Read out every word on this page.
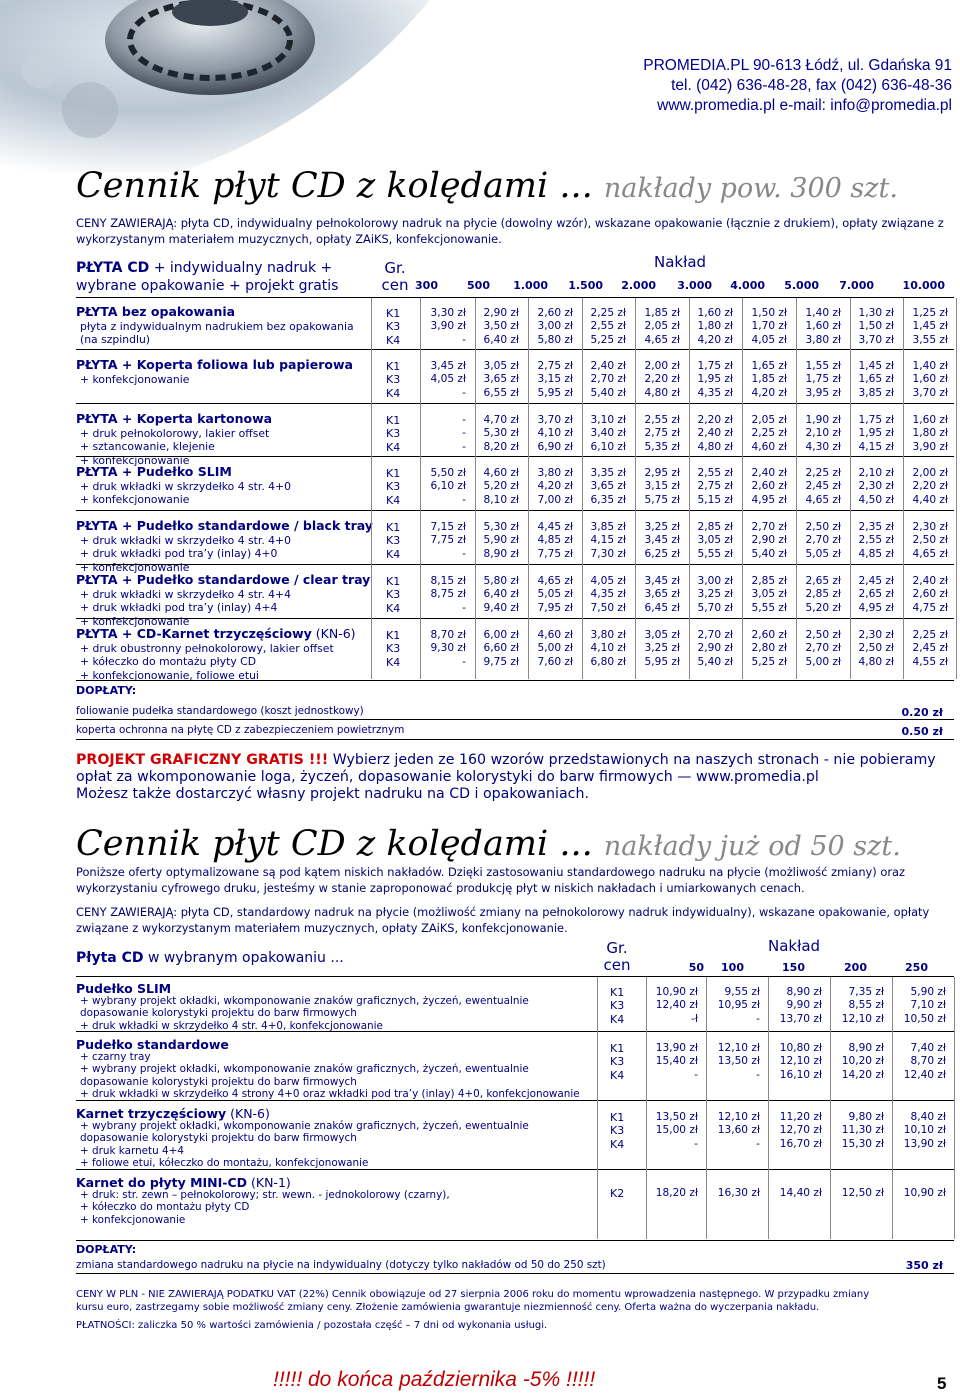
PROMEDIA.PL 90-613 Łódź, ul. Gdańska 91
tel. (042) 636-48-28, fax (042) 636-48-36
www.promedia.pl e-mail: info@promedia.pl
Cennik płyt CD z kolędami ... nakłady pow. 300 szt.
CENY ZAWIERAJĄ: płyta CD, indywidualny pełnokolorowy nadruk na płycie (dowolny wzór), wskazane opakowanie (łącznie z drukiem), opłaty związane z wykorzystanym materiałem muzycznych, opłaty ZAiKS, konfekcjonowanie.
PŁYTA CD + indywidualny nadruk +
wybrane opakowanie + projekt gratis
Gr.
cen
Nakład
300	500	1.000	1.500	2.000	3.000	4.000	5.000	7.000	10.000
PŁYTA bez opakowania
płyta z indywidualnym nadrukiem bez opakowania
(na szpindlu)
K1	3,30 zł	2,90 zł	2,60 zł	2,25 zł	1,85 zł	1,60 zł	1,50 zł	1,40 zł	1,30 zł	1,25 zł
K3	3,90 zł	3,50 zł	3,00 zł	2,55 zł	2,05 zł	1,80 zł	1,70 zł	1,60 zł	1,50 zł	1,45 zł
K4	-	6,40 zł	5,80 zł	5,25 zł	4,65 zł	4,20 zł	4,05 zł	3,80 zł	3,70 zł	3,55 zł
PŁYTA + Koperta foliowa lub papierowa
+ konfekcjonowanie
K1	3,45 zł	3,05 zł	2,75 zł	2,40 zł	2,00 zł	1,75 zł	1,65 zł	1,55 zł	1,45 zł	1,40 zł
K3	4,05 zł	3,65 zł	3,15 zł	2,70 zł	2,20 zł	1,95 zł	1,85 zł	1,75 zł	1,65 zł	1,60 zł
K4	-	6,55 zł	5,95 zł	5,40 zł	4,80 zł	4,35 zł	4,20 zł	3,95 zł	3,85 zł	3,70 zł
PŁYTA + Koperta kartonowa
+ druk pełnokolorowy, lakier offset
+ sztancowanie, klejenie
+ konfekcjonowanie
K1	-	4,70 zł	3,70 zł	3,10 zł	2,55 zł	2,20 zł	2,05 zł	1,90 zł	1,75 zł	1,60 zł
K3	-	5,30 zł	4,10 zł	3,40 zł	2,75 zł	2,40 zł	2,25 zł	2,10 zł	1,95 zł	1,80 zł
K4	-	8,20 zł	6,90 zł	6,10 zł	5,35 zł	4,80 zł	4,60 zł	4,30 zł	4,15 zł	3,90 zł
PŁYTA + Pudełko SLIM
+ druk wkładki w skrzydełko 4 str. 4+0
+ konfekcjonowanie
K1	5,50 zł	4,60 zł	3,80 zł	3,35 zł	2,95 zł	2,55 zł	2,40 zł	2,25 zł	2,10 zł	2,00 zł
K3	6,10 zł	5,20 zł	4,20 zł	3,65 zł	3,15 zł	2,75 zł	2,60 zł	2,45 zł	2,30 zł	2,20 zł
K4	-	8,10 zł	7,00 zł	6,35 zł	5,75 zł	5,15 zł	4,95 zł	4,65 zł	4,50 zł	4,40 zł
PŁYTA + Pudełko standardowe / black tray
+ druk wkładki w skrzydełko 4 str. 4+0
+ druk wkładki pod tra’y (inlay) 4+0
+ konfekcjonowanie
K1	7,15 zł	5,30 zł	4,45 zł	3,85 zł	3,25 zł	2,85 zł	2,70 zł	2,50 zł	2,35 zł	2,30 zł
K3	7,75 zł	5,90 zł	4,85 zł	4,15 zł	3,45 zł	3,05 zł	2,90 zł	2,70 zł	2,55 zł	2,50 zł
K4	-	8,90 zł	7,75 zł	7,30 zł	6,25 zł	5,55 zł	5,40 zł	5,05 zł	4,85 zł	4,65 zł
PŁYTA + Pudełko standardowe / clear tray
+ druk wkładki w skrzydełko 4 str. 4+4
+ druk wkładki pod tra’y (inlay) 4+4
+ konfekcjonowanie
K1	8,15 zł	5,80 zł	4,65 zł	4,05 zł	3,45 zł	3,00 zł	2,85 zł	2,65 zł	2,45 zł	2,40 zł
K3	8,75 zł	6,40 zł	5,05 zł	4,35 zł	3,65 zł	3,25 zł	3,05 zł	2,85 zł	2,65 zł	2,60 zł
K4	-	9,40 zł	7,95 zł	7,50 zł	6,45 zł	5,70 zł	5,55 zł	5,20 zł	4,95 zł	4,75 zł
PŁYTA + CD-Karnet trzyczęściowy (KN-6)
+ druk obustronny pełnokolorowy, lakier offset
+ kółeczko do montażu płyty CD
+ konfekcjonowanie, foliowe etui
K1	8,70 zł	6,00 zł	4,60 zł	3,80 zł	3,05 zł	2,70 zł	2,60 zł	2,50 zł	2,30 zł	2,25 zł
K3	9,30 zł	6,60 zł	5,00 zł	4,10 zł	3,25 zł	2,90 zł	2,80 zł	2,70 zł	2,50 zł	2,45 zł
K4	-	9,75 zł	7,60 zł	6,80 zł	5,95 zł	5,40 zł	5,25 zł	5,00 zł	4,80 zł	4,55 zł
DOPŁATY:
foliowanie pudełka standardowego (koszt jednostkowy)	0.20 zł
koperta ochronna na płytę CD z zabezpieczeniem powietrznym	0.50 zł
PROJEKT GRAFICZNY GRATIS !!! Wybierz jeden ze 160 wzorów przedstawionych na naszych stronach - nie pobieramy
opłat za wkomponowanie loga, życzeń, dopasowanie kolorystyki do barw firmowych — www.promedia.pl
Możesz także dostarczyć własny projekt nadruku na CD i opakowaniach.
Cennik płyt CD z kolędami ... nakłady już od 50 szt.
Poniższe oferty optymalizowane są pod kątem niskich nakładów. Dzięki zastosowaniu standardowego nadruku na płycie (możliwość zmiany) oraz wykorzystaniu cyfrowego druku, jesteśmy w stanie zaproponować produkcję płyt w niskich nakładach i umiarkowanych cenach.
CENY ZAWIERAJĄ: płyta CD, standardowy nadruk na płycie (możliwość zmiany na pełnokolorowy nadruk indywidualny), wskazane opakowanie, opłaty związane z wykorzystanym materiałem muzycznych, opłaty ZAiKS, konfekcjonowanie.
Płyta CD w wybranym opakowaniu ...
Gr.
cen
Nakład
50	100	150	200	250
Pudełko SLIM
+ wybrany projekt okładki, wkomponowanie znaków graficznych, życzeń, ewentualnie
dopasowanie kolorystyki projektu do barw firmowych
+ druk wkładki w skrzydełko 4 str. 4+0, konfekcjonowanie
K1	10,90 zł	9,55 zł	8,90 zł	7,35 zł	5,90 zł
K3	12,40 zł	10,95 zł	9,90 zł	8,55 zł	7,10 zł
K4	-ł	-	13,70 zł	12,10 zł	10,50 zł
Pudełko standardowe
+ czarny tray
+ wybrany projekt okładki, wkomponowanie znaków graficznych, życzeń, ewentualnie
dopasowanie kolorystyki projektu do barw firmowych
+ druk wkładki w skrzydełko 4 strony 4+0 oraz wkładki pod tra’y (inlay) 4+0, konfekcjonowanie
K1	13,90 zł	12,10 zł	10,80 zł	8,90 zł	7,40 zł
K3	15,40 zł	13,50 zł	12,10 zł	10,20 zł	8,70 zł
K4	-	-	16,10 zł	14,20 zł	12,40 zł
Karnet trzyczęściowy (KN-6)
+ wybrany projekt okładki, wkomponowanie znaków graficznych, życzeń, ewentualnie
dopasowanie kolorystyki projektu do barw firmowych
+ druk karnetu 4+4
+ foliowe etui, kółeczko do montażu, konfekcjonowanie
K1	13,50 zł	12,10 zł	11,20 zł	9,80 zł	8,40 zł
K3	15,00 zł	13,60 zł	12,70 zł	11,30 zł	10,10 zł
K4	-	-	16,70 zł	15,30 zł	13,90 zł
Karnet do płyty MINI-CD (KN-1)
+ druk: str. zewn – pełnokolorowy; str. wewn. - jednokolorowy (czarny),
+ kółeczko do montażu płyty CD
+ konfekcjonowanie
K2	18,20 zł	16,30 zł	14,40 zł	12,50 zł	10,90 zł
DOPŁATY:
zmiana standardowego nadruku na płycie na indywidualny (dotyczy tylko nakładów od 50 do 250 szt)	350 zł
CENY W PLN - NIE ZAWIERAJĄ PODATKU VAT (22%) Cennik obowiązuje od 27 sierpnia 2006 roku do momentu wprowadzenia następnego. W przypadku zmiany
kursu euro, zastrzegamy sobie możliwość zmiany ceny. Złożenie zamówienia gwarantuje niezmienność ceny. Oferta ważna do wyczerpania nakładu.
PŁATNOŚCI: zaliczka 50 % wartości zamówienia / pozostała część – 7 dni od wykonania usługi.
!!!!! do końca października -5% !!!!!	5
